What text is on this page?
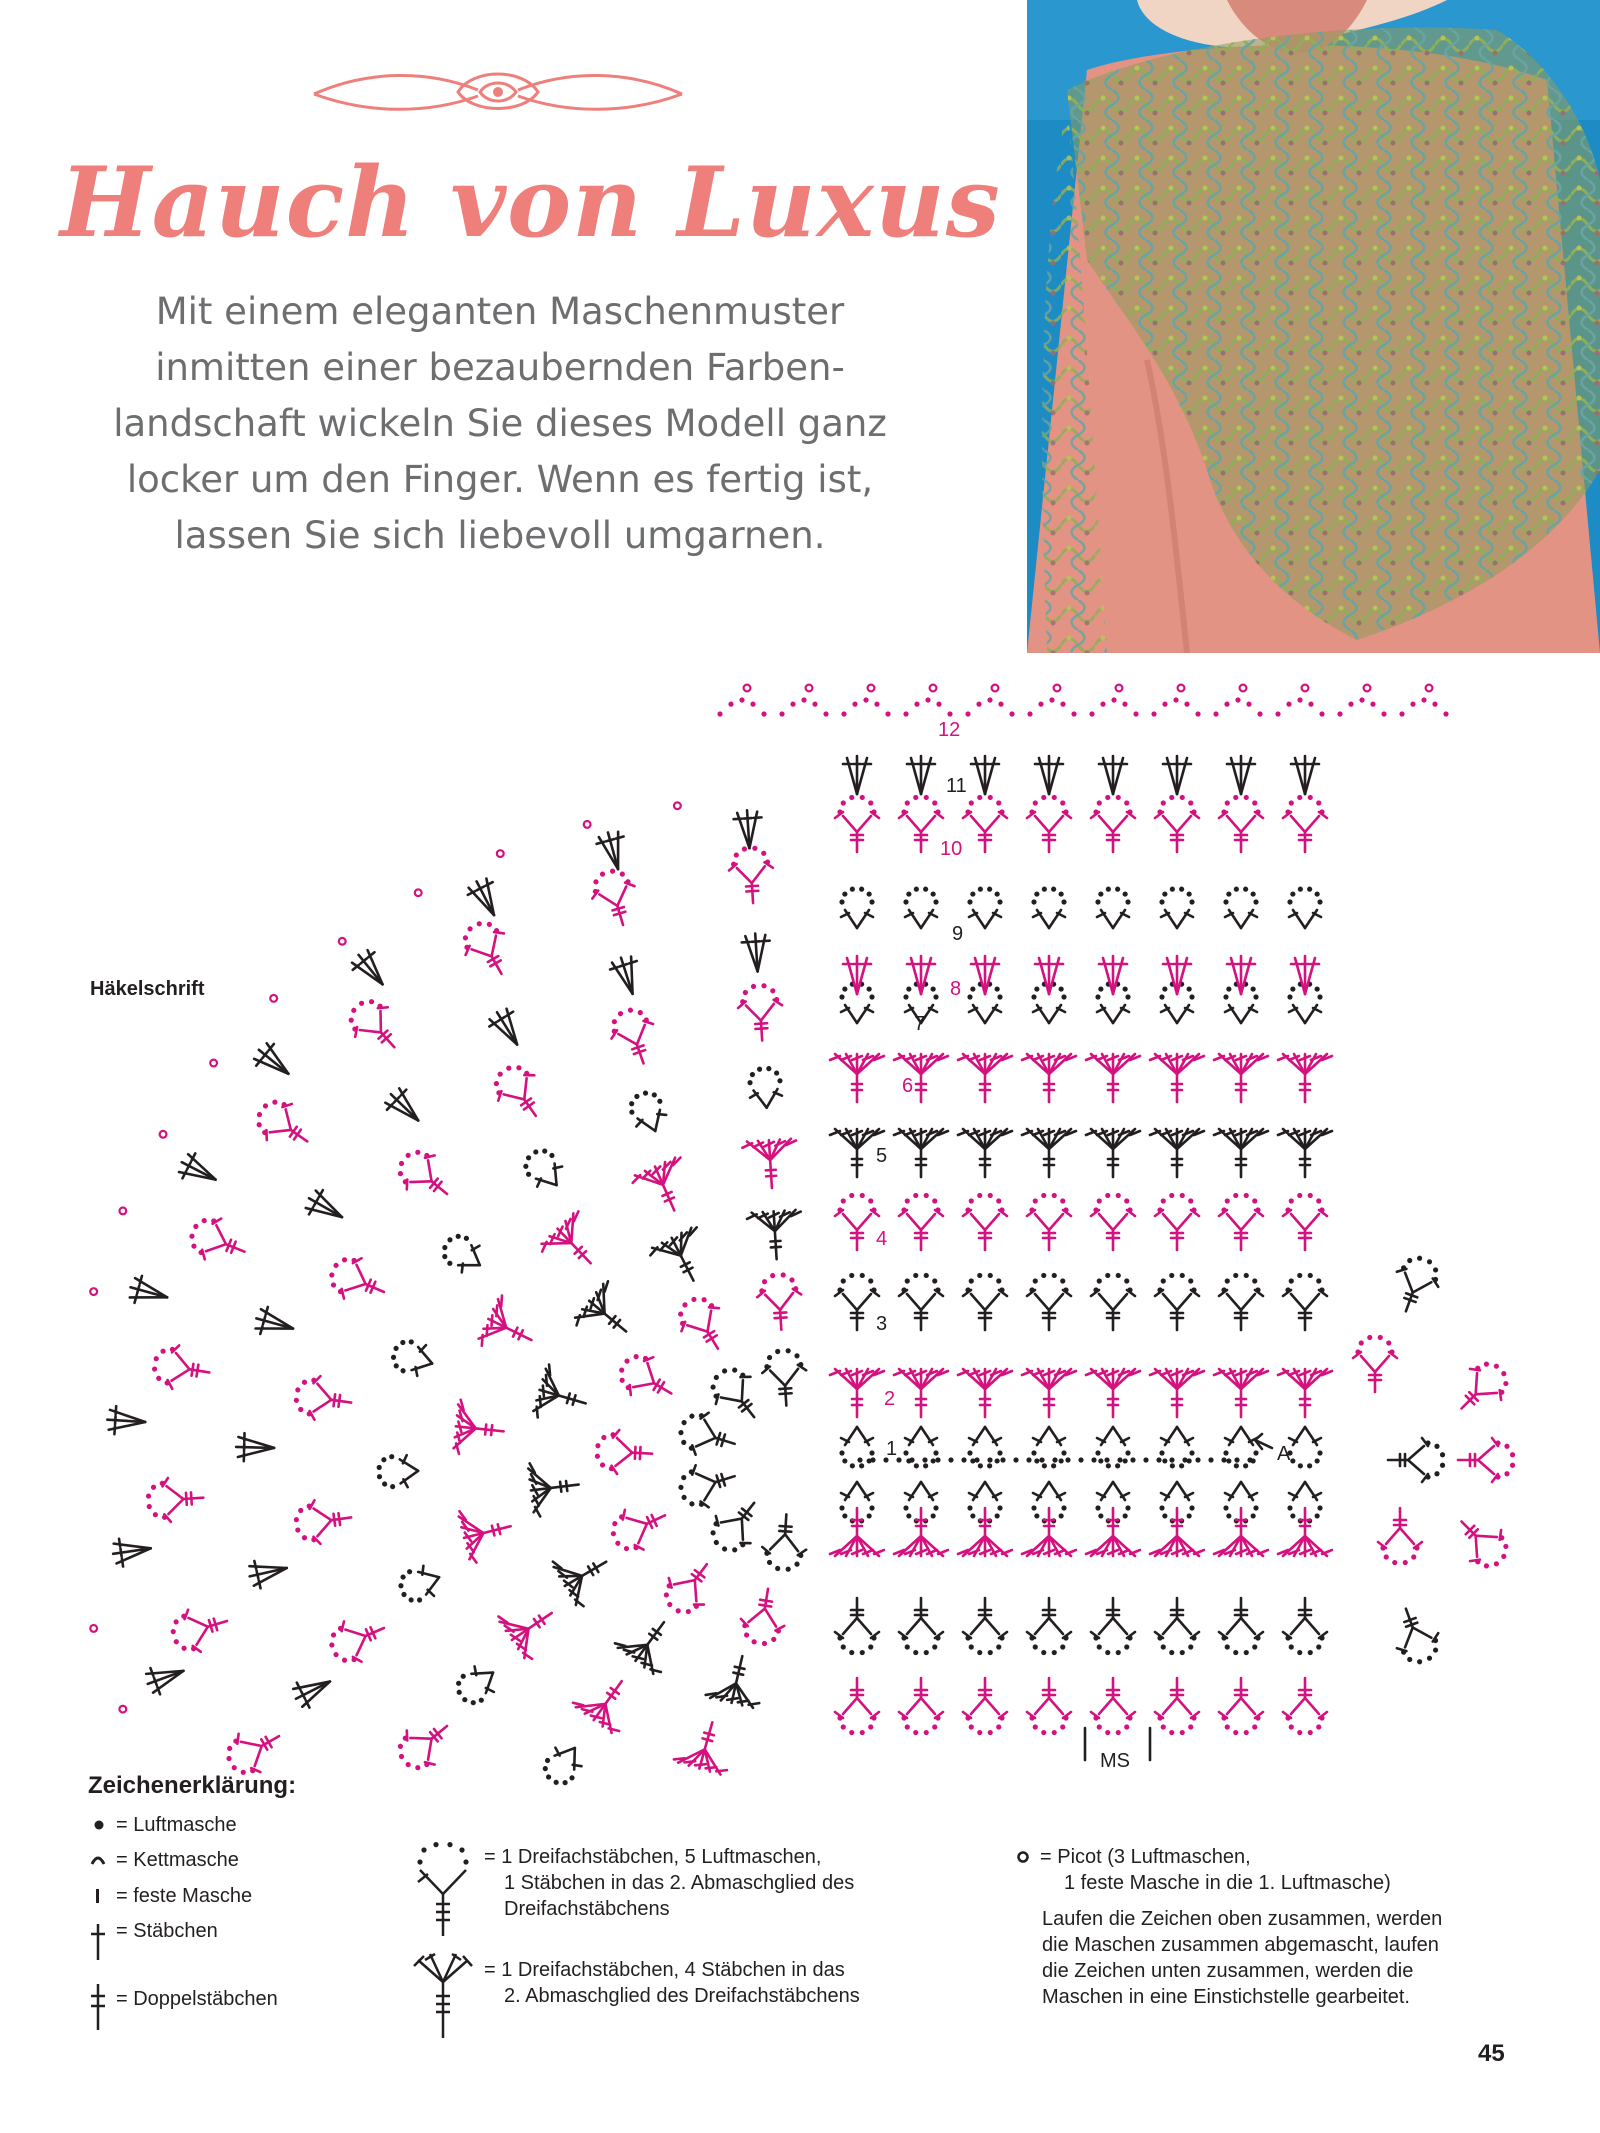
Hauch von Luxus
Mit einem eleganten Maschenmuster
inmitten einer bezaubernden Farben-
landschaft wickeln Sie dieses Modell ganz
locker um den Finger. Wenn es fertig ist,
lassen Sie sich liebevoll umgarnen.
Häkelschrift
1
2
3
4
5
6
7
8
9
10
11
12
A
MS
Zeichenerklärung:
= Luftmasche
= Kettmasche
= feste Masche
= Stäbchen
= Doppelstäbchen
= 1 Dreifachstäbchen, 5 Luftmaschen,
1 Stäbchen in das 2. Abmaschglied des
Dreifachstäbchens
= 1 Dreifachstäbchen, 4 Stäbchen in das
2. Abmaschglied des Dreifachstäbchens
= Picot (3 Luftmaschen,
1 feste Masche in die 1. Luftmasche)
Laufen die Zeichen oben zusammen, werden
die Maschen zusammen abgemascht, laufen
die Zeichen unten zusammen, werden die
Maschen in eine Einstichstelle gearbeitet.
45
